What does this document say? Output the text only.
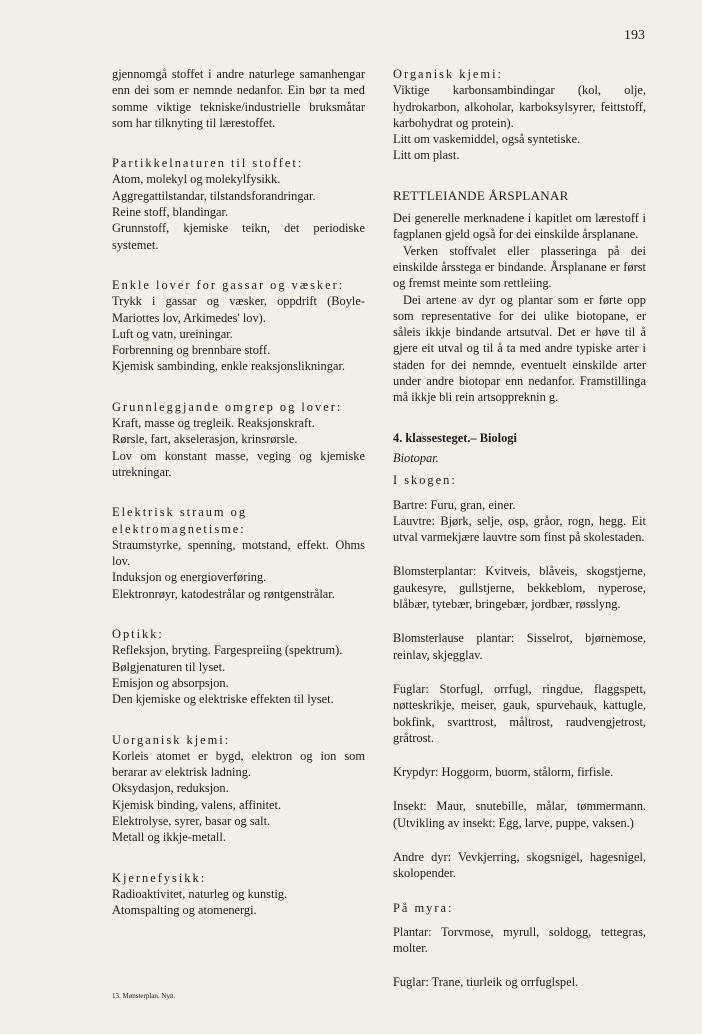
193
gjennomgå stoffet i andre naturlege samanhengar enn dei som er nemnde nedanfor. Ein bør ta med somme viktige tekniske/industrielle bruksmåtar som har tilknyting til lærestoffet.
Partikkelnaturen til stoffet:
Atom, molekyl og molekylfysikk.
Aggregattilstandar, tilstandsforandringar.
Reine stoff, blandingar.
Grunnstoff, kjemiske teikn, det periodiske systemet.
Enkle lover for gassar og væsker:
Trykk i gassar og væsker, oppdrift (Boyle-Mariottes lov, Arkimedes' lov).
Luft og vatn, ureiningar.
Forbrenning og brennbare stoff.
Kjemisk sambinding, enkle reaksjonslikningar.
Grunnleggjande omgrep og lover:
Kraft, masse og tregleik. Reaksjonskraft.
Rørsle, fart, akselerasjon, krinsrørsle.
Lov om konstant masse, veging og kjemiske utrekningar.
Elektrisk straum og elektromagnetisme:
Straumstyrke, spenning, motstand, effekt. Ohms lov.
Induksjon og energioverføring.
Elektronrøyr, katodestrålar og røntgenstrålar.
Optikk:
Refleksjon, bryting. Fargespreiing (spektrum).
Bølgjenaturen til lyset.
Emisjon og absorpsjon.
Den kjemiske og elektriske effekten til lyset.
Uorganisk kjemi:
Korleis atomet er bygd, elektron og ion som berarar av elektrisk ladning.
Oksydasjon, reduksjon.
Kjemisk binding, valens, affinitet.
Elektrolyse, syrer, basar og salt.
Metall og ikkje-metall.
Kjernefysikk:
Radioaktivitet, naturleg og kunstig.
Atomspalting og atomenergi.
13. Mønsterplan. Nyn.
Organisk kjemi:
Viktige karbonsambindingar (kol, olje, hydrokarbon, alkoholar, karboksylsyrer, feittstoff, karbohydrat og protein).
Litt om vaskemiddel, også syntetiske.
Litt om plast.
RETTLEIANDE ÅRSPLANAR
Dei generelle merknadene i kapitlet om lærestoff i fagplanen gjeld også for dei einskilde årsplanane.
Verken stoffvalet eller plasseringa på dei einskilde årsstega er bindande. Årsplanane er først og fremst meinte som rettleiing.
Dei artene av dyr og plantar som er førte opp som representative for dei ulike biotopane, er såleis ikkje bindande artsutval. Det er høve til å gjere eit utval og til å ta med andre typiske arter i staden for dei nemnde, eventuelt einskilde arter under andre biotopar enn nedanfor. Framstillinga må ikkje bli rein artsoppreknin g.
4. klassesteget.– Biologi
Biotopar.
I skogen:
Bartre: Furu, gran, einer.
Lauvtre: Bjørk, selje, osp, gråor, rogn, hegg. Eit utval varmekjære lauvtre som finst på skolestaden.
Blomsterplantar: Kvitveis, blåveis, skogstjerne, gaukesyre, gullstjerne, bekkeblom, nyperose, blåbær, tytebær, bringebær, jordbær, røsslyng.
Blomsterlause plantar: Sisselrot, bjørnemose, reinlav, skjegglav.
Fuglar: Storfugl, orrfugl, ringdue, flaggspett, nøtteskrikje, meiser, gauk, spurvehauk, kattugle, bokfink, svarttrost, måltrost, raudvengjetrost, gråtrost.
Krypdyr: Hoggorm, buorm, stålorm, firfisle.
Insekt: Maur, snutebille, målar, tømmermann. (Utvikling av insekt: Egg, larve, puppe, vaksen.)
Andre dyr: Vevkjerring, skogsnigel, hagesnigel, skolopender.
På myra:
Plantar: Torvmose, myrull, soldogg, tettegras, molter.
Fuglar: Trane, tiurleik og orrfuglspel.
